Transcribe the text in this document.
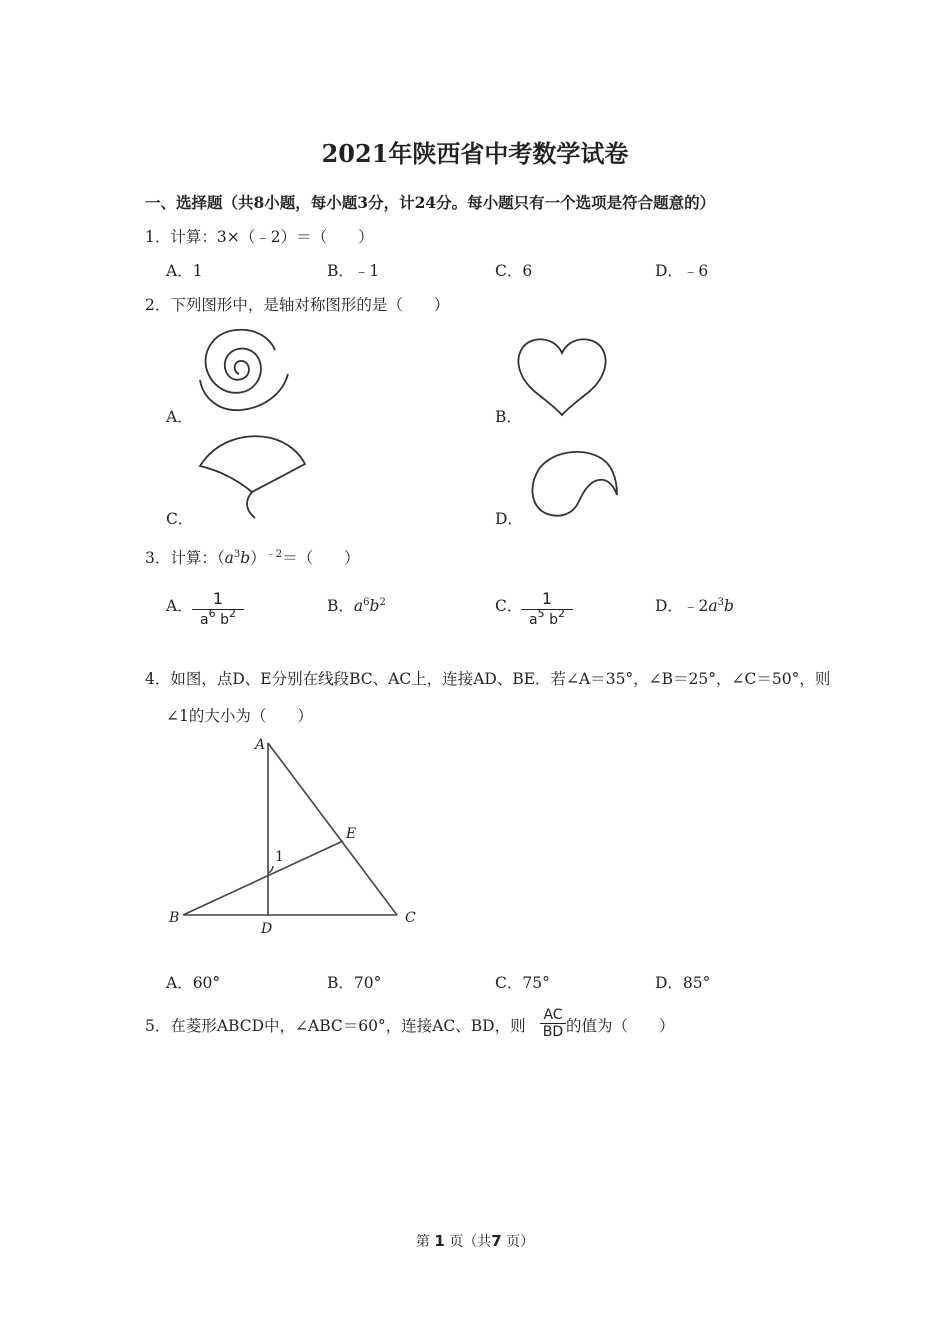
2021年陕西省中考数学试卷
一、选择题（共8小题，每小题3分，计24分。每小题只有一个选项是符合题意的）
1．计算：3×（﹣2）＝（　　）
A．1	B．﹣1	C．6	D．﹣6
2．下列图形中，是轴对称图形的是（　　）
A．	B．
C．	D．
3．计算：$(a^3b)^{﹣2}=$（　　）
A．	1
$a^6$ $b^2$	B．$a^6b^2$	C．	1
$a^5$ $b^2$	D．$﹣2a^3b$
4．如图，点D、E分别在线段BC、AC上，连接AD、BE．若∠A＝35°，∠B＝25°，∠C＝50°，则
∠1的大小为（　　）
A
B	C
D
E
1
A．60°	B．70°	C．75°	D．85°
5．在菱形ABCD中，∠ABC＝60°，连接AC、BD，则
AC
BD 的值为（　　）
第 1 页（共7 页）
